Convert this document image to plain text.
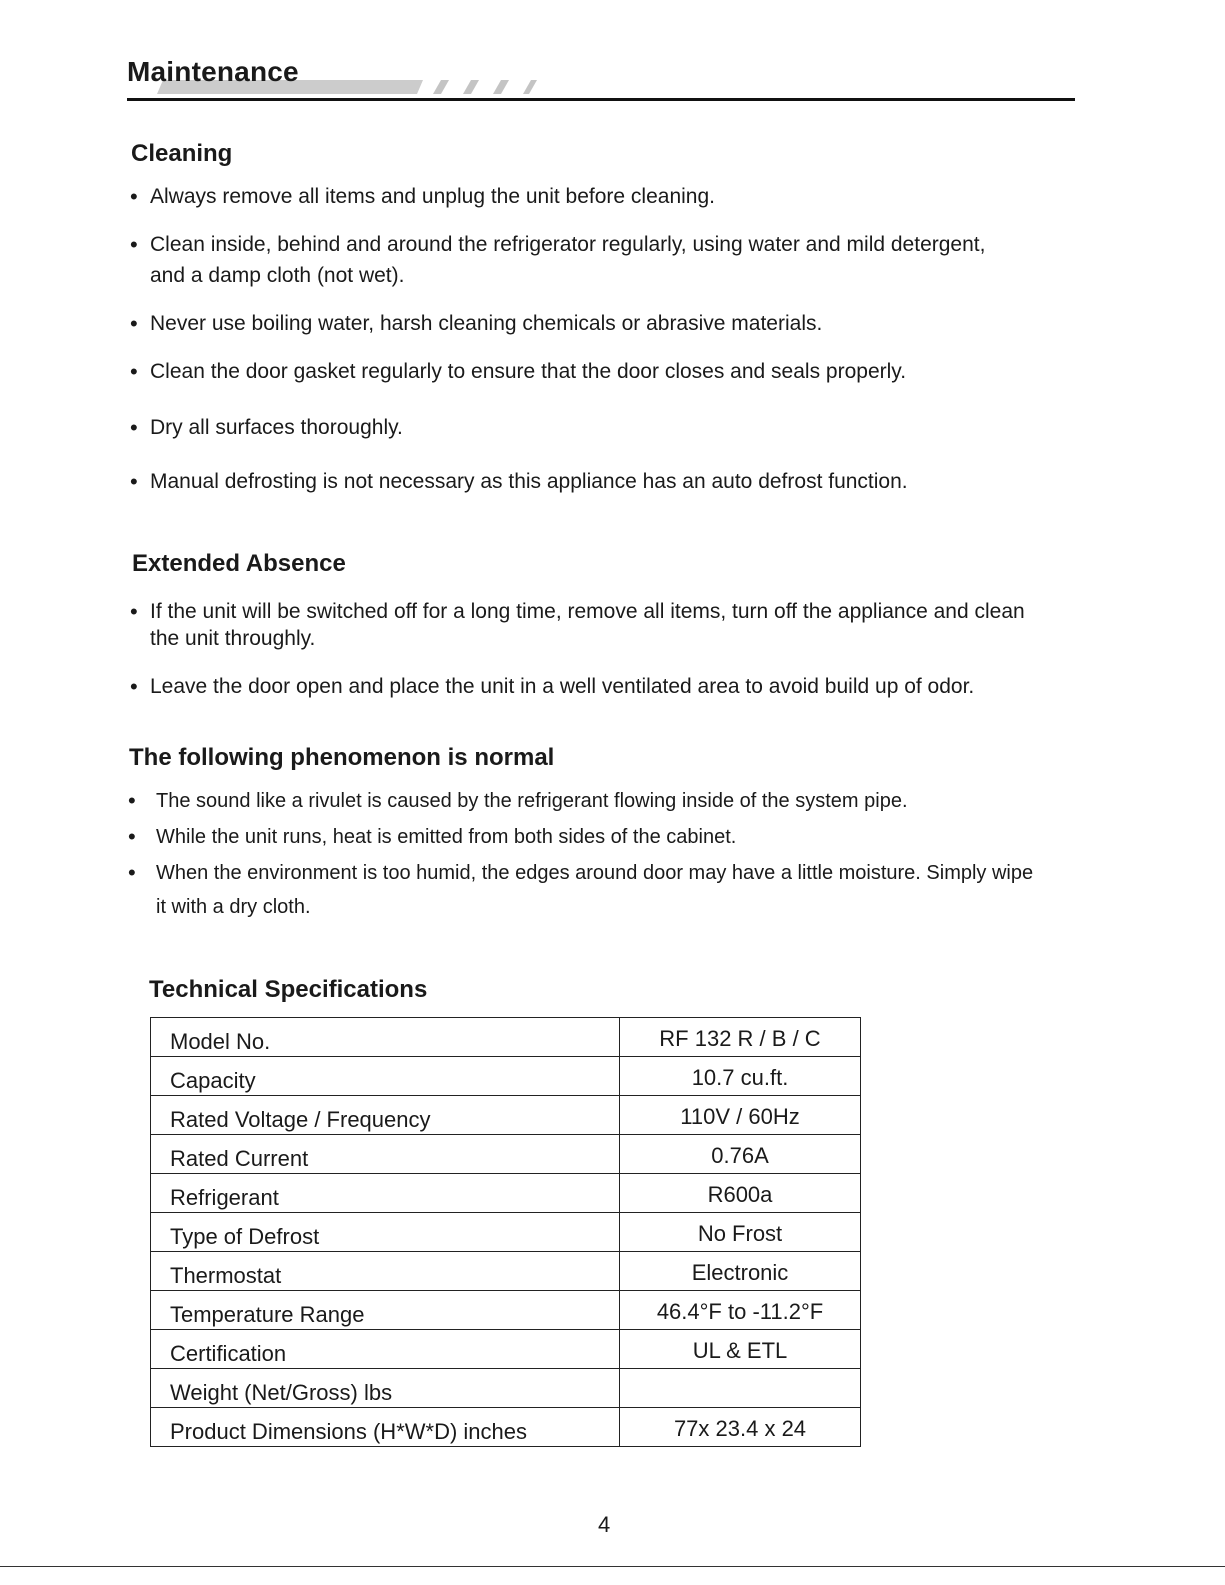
Maintenance
Cleaning
• Always remove all items and unplug the unit before cleaning.
• Clean inside, behind and around the refrigerator regularly, using water and mild detergent, and a damp cloth (not wet).
• Never use boiling water, harsh cleaning chemicals or abrasive materials.
• Clean the door gasket regularly to ensure that the door closes and seals properly.
• Dry all surfaces thoroughly.
• Manual defrosting is not necessary as this appliance has an auto defrost function.
Extended Absence
• If the unit will be switched off for a long time, remove all items, turn off the appliance and clean the unit throughly.
• Leave the door open and place the unit in a well ventilated area to avoid build up of odor.
The following phenomenon is normal
• The sound like a rivulet is caused by the refrigerant flowing inside of the system pipe.
• While the unit runs, heat is emitted from both sides of the cabinet.
• When the environment is too humid, the edges around door may have a little moisture. Simply wipe it with a dry cloth.
Technical Specifications
Model No.	RF 132 R / B / C
Capacity	10.7 cu.ft.
Rated Voltage / Frequency	110V / 60Hz
Rated Current	0.76A
Refrigerant	R600a
Type of Defrost	No Frost
Thermostat	Electronic
Temperature Range	46.4°F to -11.2°F
Certification	UL & ETL
Weight (Net/Gross) lbs	
Product Dimensions (H*W*D) inches	77x 23.4 x 24
4
